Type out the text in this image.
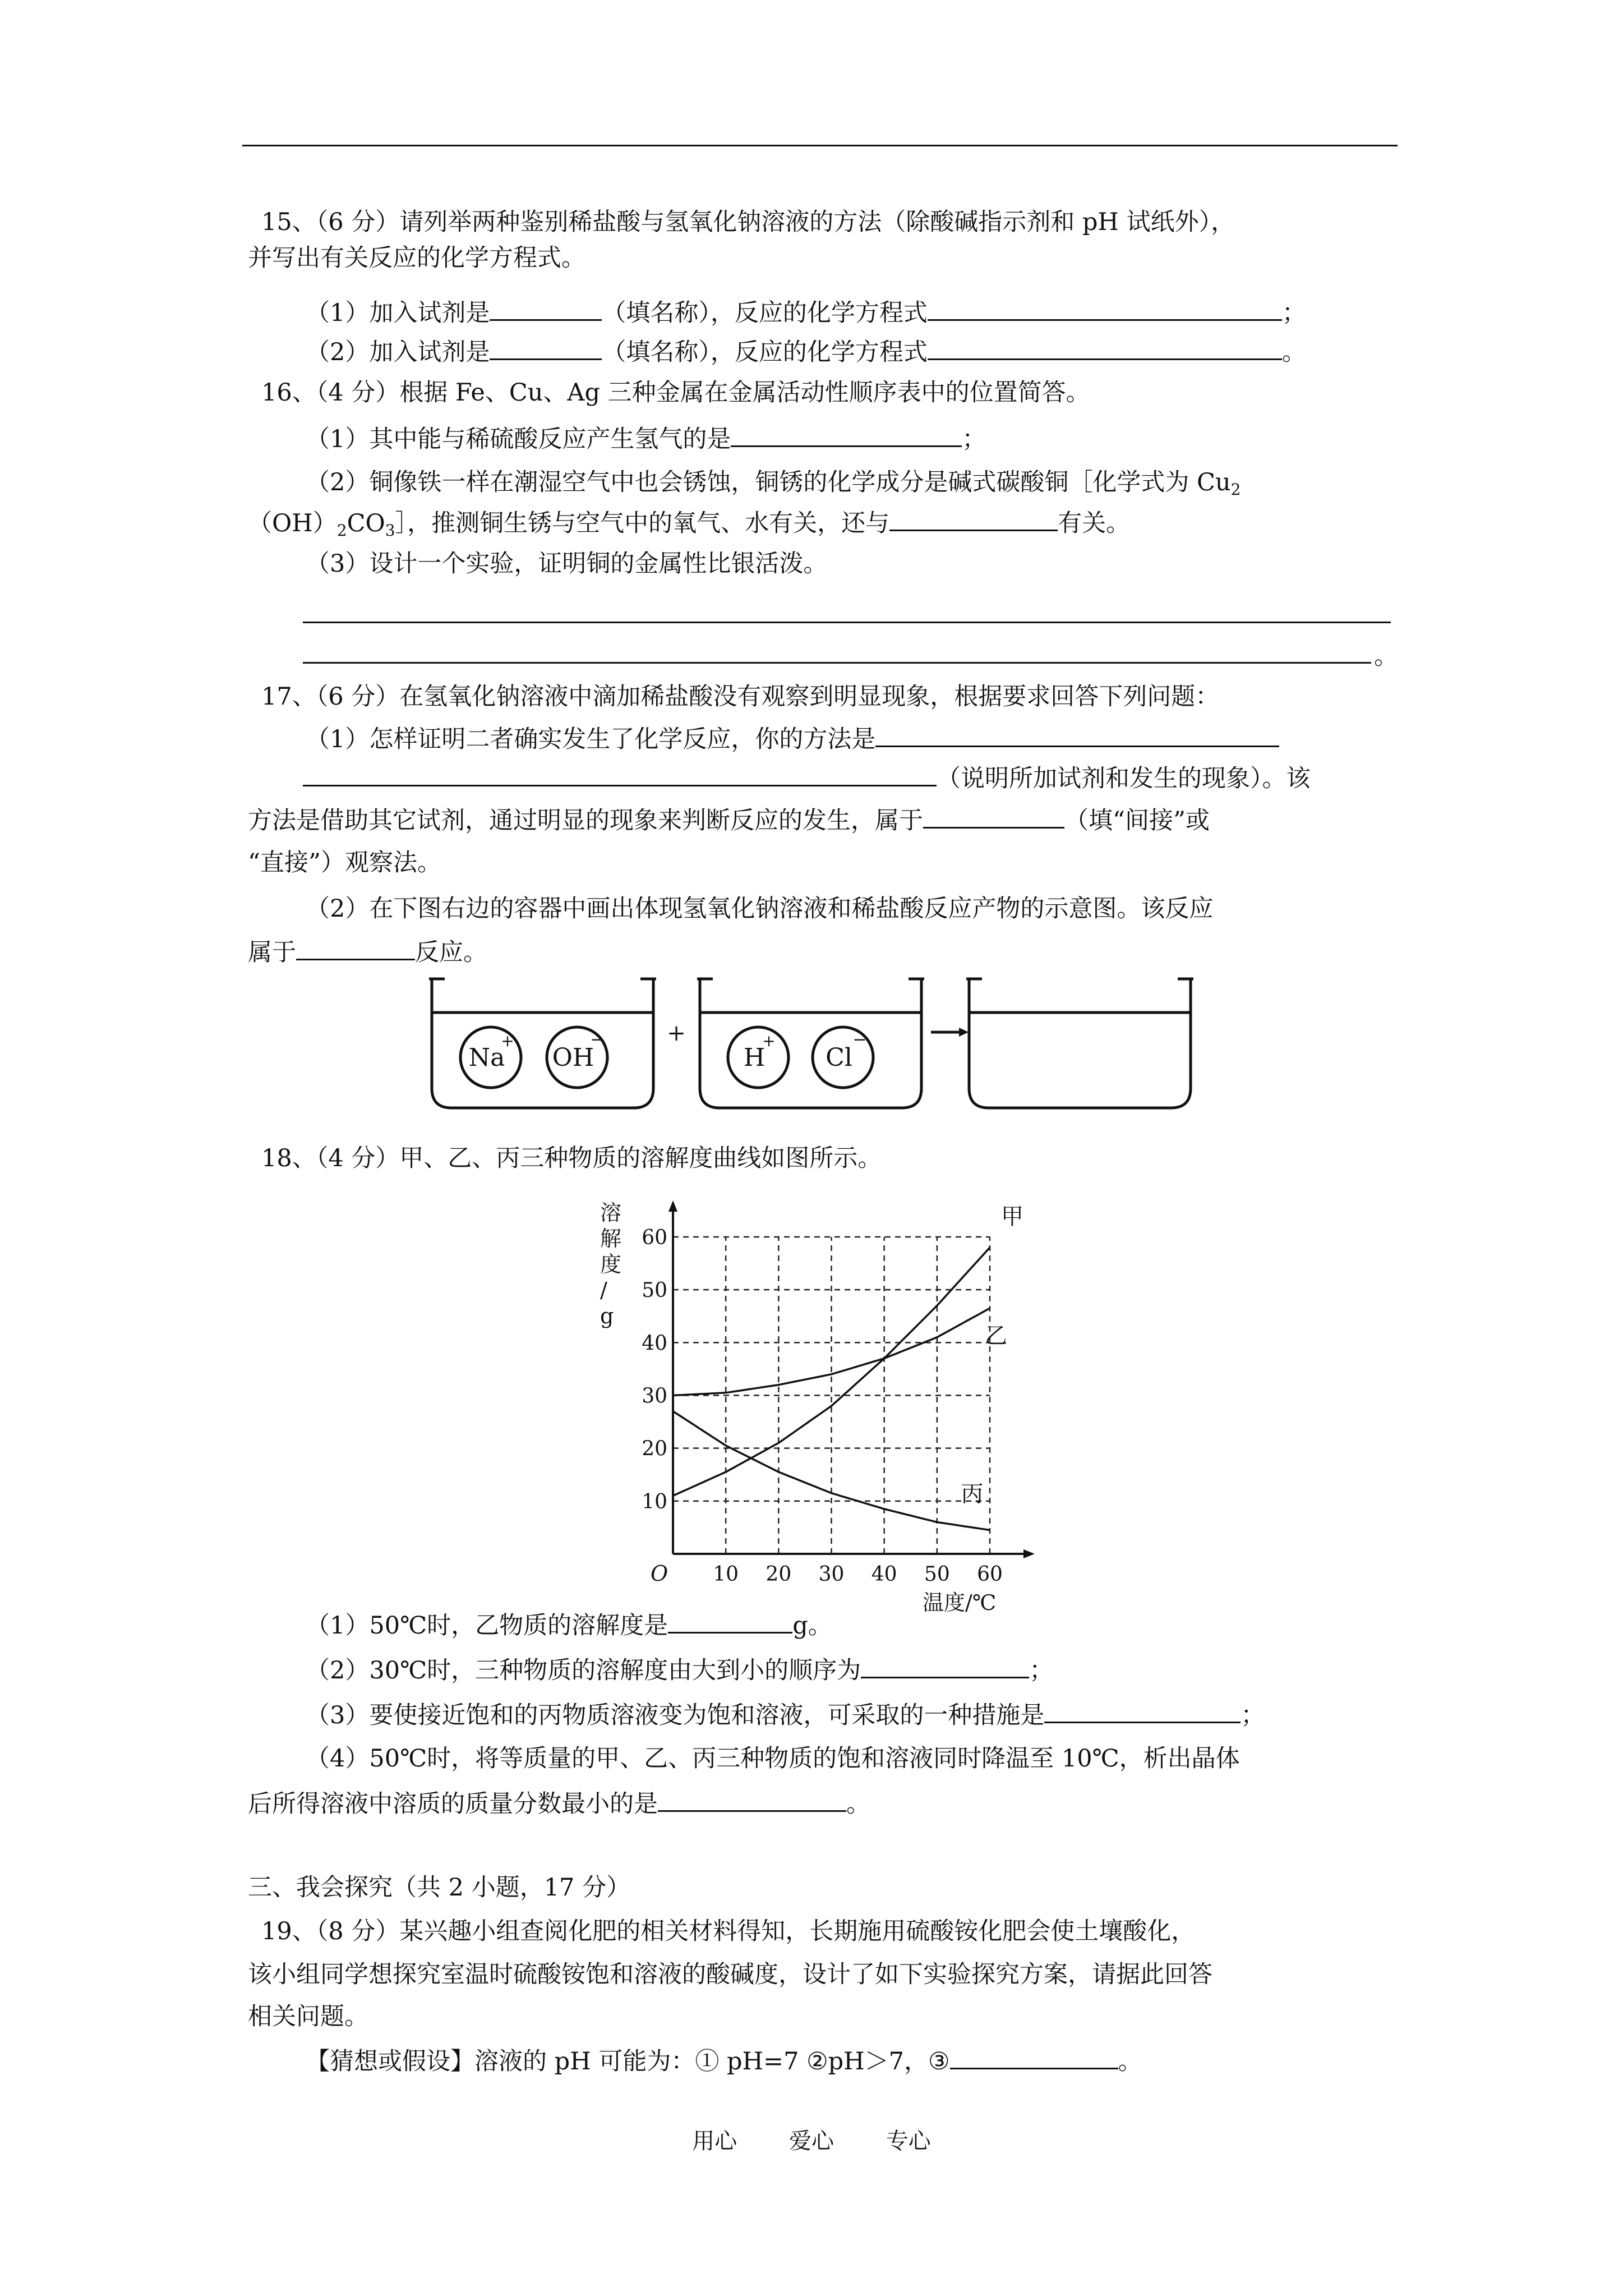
15、（6 分）请列举两种鉴别稀盐酸与氢氧化钠溶液的方法（除酸碱指示剂和 pH 试纸外），
并写出有关反应的化学方程式。
（1）加入试剂是	（填名称），反应的化学方程式	；
（2）加入试剂是	（填名称），反应的化学方程式	。
16、（4 分）根据 Fe、Cu、Ag 三种金属在金属活动性顺序表中的位置简答。
（1）其中能与稀硫酸反应产生氢气的是	；
（2）铜像铁一样在潮湿空气中也会锈蚀，铜锈的化学成分是碱式碳酸铜［化学式为 $Cu_2$
$(OH)_2CO_3]$，推测铜生锈与空气中的氧气、水有关，还与	有关。
（3）设计一个实验，证明铜的金属性比银活泼。
。
17、（6 分）在氢氧化钠溶液中滴加稀盐酸没有观察到明显现象，根据要求回答下列问题：
（1）怎样证明二者确实发生了化学反应，你的方法是
（说明所加试剂和发生的现象）。该
方法是借助其它试剂，通过明显的现象来判断反应的发生，属于	（填“间接”或
“直接”）观察法。
（2）在下图右边的容器中画出体现氢氧化钠溶液和稀盐酸反应产物的示意图。该反应
属于	反应。
Na
+
OH
−
H
+
Cl
−
+
18、（4 分）甲、乙、丙三种物质的溶解度曲线如图所示。
甲
乙
丙
10 20 30 40 50 60
10
20
30
40
50
60
O
温度/℃
溶
解
度
/
g
（1）50℃时，乙物质的溶解度是	g。
（2）30℃时，三种物质的溶解度由大到小的顺序为	；
（3）要使接近饱和的丙物质溶液变为饱和溶液，可采取的一种措施是	；
（4）50℃时，将等质量的甲、乙、丙三种物质的饱和溶液同时降温至 10℃，析出晶体
后所得溶液中溶质的质量分数最小的是	。
三、我会探究（共 2 小题，17 分）
19、（8 分）某兴趣小组查阅化肥的相关材料得知，长期施用硫酸铵化肥会使土壤酸化，
该小组同学想探究室温时硫酸铵饱和溶液的酸碱度，设计了如下实验探究方案，请据此回答
相关问题。
【猜想或假设】溶液的 pH 可能为：① pH=7 ②pH＞7，③	。
用心 爱心 专心
